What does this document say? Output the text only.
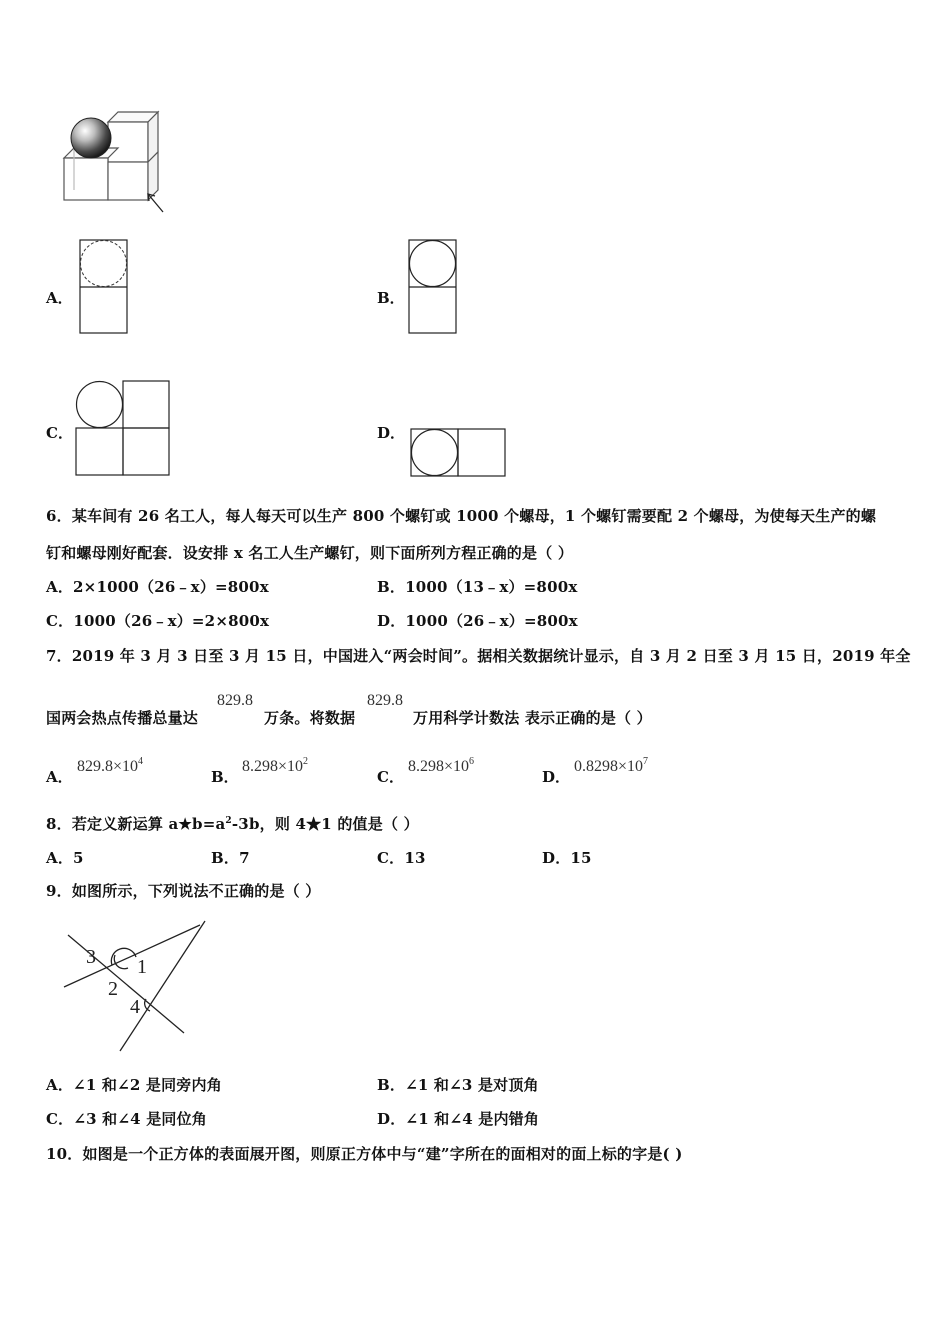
A．	B．
C．	D．
6．某车间有 26 名工人，每人每天可以生产 800 个螺钉或 1000 个螺母，1 个螺钉需要配 2 个螺母，为使每天生产的螺
钉和螺母刚好配套．设安排 x 名工人生产螺钉，则下面所列方程正确的是（ ）
A．2×1000（26﹣x）=800x	B．1000（13﹣x）=800x
C．1000（26﹣x）=2×800x	D．1000（26﹣x）=800x
7．2019 年 3 月 3 日至 3 月 15 日，中国进入“两会时间”。据相关数据统计显示，自 3 月 2 日至 3 月 15 日，2019 年全
国两会热点传播总量达
829.8
万条。将数据
829.8
万用科学计数法 表示正确的是（ ）
A．
$829.8\times 10^4$
B．
$8.298\times 10^2$
C．
$8.298\times 10^6$
D．
$0.8298\times 10^7$
8．若定义新运算 $a★b=a^2-3b$，则 4★1 的值是（ ）
A．5	B．7	C．13	D．15
9．如图所示，下列说法不正确的是（ ）
3 1
2
4
A．∠1 和∠2 是同旁内角	B．∠1 和∠3 是对顶角
C．∠3 和∠4 是同位角	D．∠1 和∠4 是内错角
10．如图是一个正方体的表面展开图，则原正方体中与“建”字所在的面相对的面上标的字是( )
